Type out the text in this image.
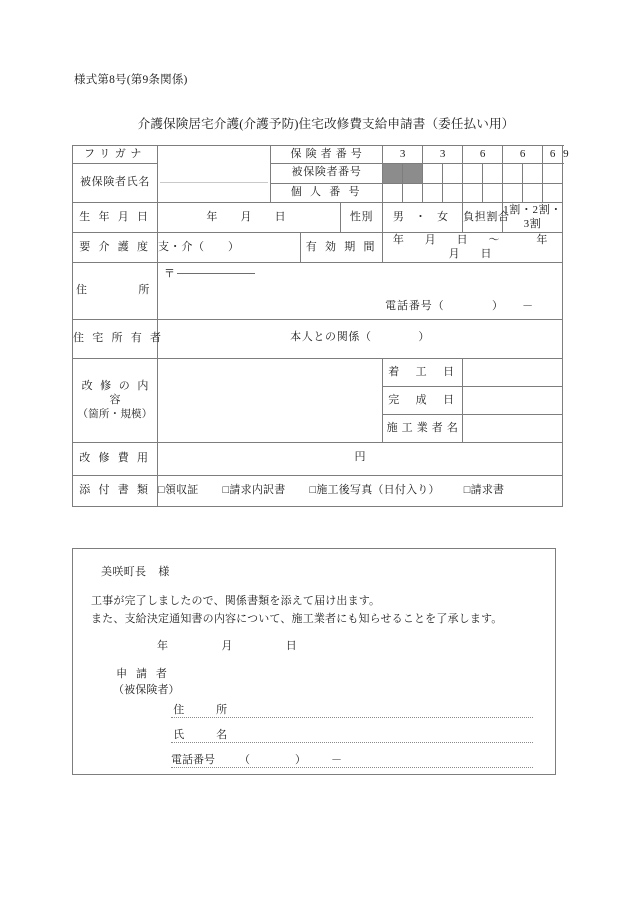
様式第8号(第9条関係)
介護保険居宅介護(介護予防)住宅改修費支給申請書（委任払い用）
フリガナ		保 険 者 番 号			3		3		6		6		6	9
被保険者氏名		被保険者番号												
		個 人 番 号												
生 年 月 日	年　月　日			性別	男 ・ 女				負担割合		1割・2割・3割			
要 介 護 度	支・介（　　）		有 効 期 間		年　月　日　～　　年　月　日									
住　　　所	〒
電話番号（　　　　）　　－													

住 宅 所 有 者	本人との関係（　　　　）													

改 修 の 内 容
（箇所・規模）					着　工　日									
					完　成　日									
					施 工 業 者 名									
改 修 費 用	円													

添 付 書 類	□領収証 □請求内訳書 □施工後写真（日付入り） □請求書													
美咲町長 様
工事が完了しましたので、関係書類を添えて届け出ます。
また、支給決定通知書の内容について、施工業者にも知らせることを了承します。
年　　月　　日
申 請 者
（被保険者）
住　所
氏　名
電話番号 （	） －
